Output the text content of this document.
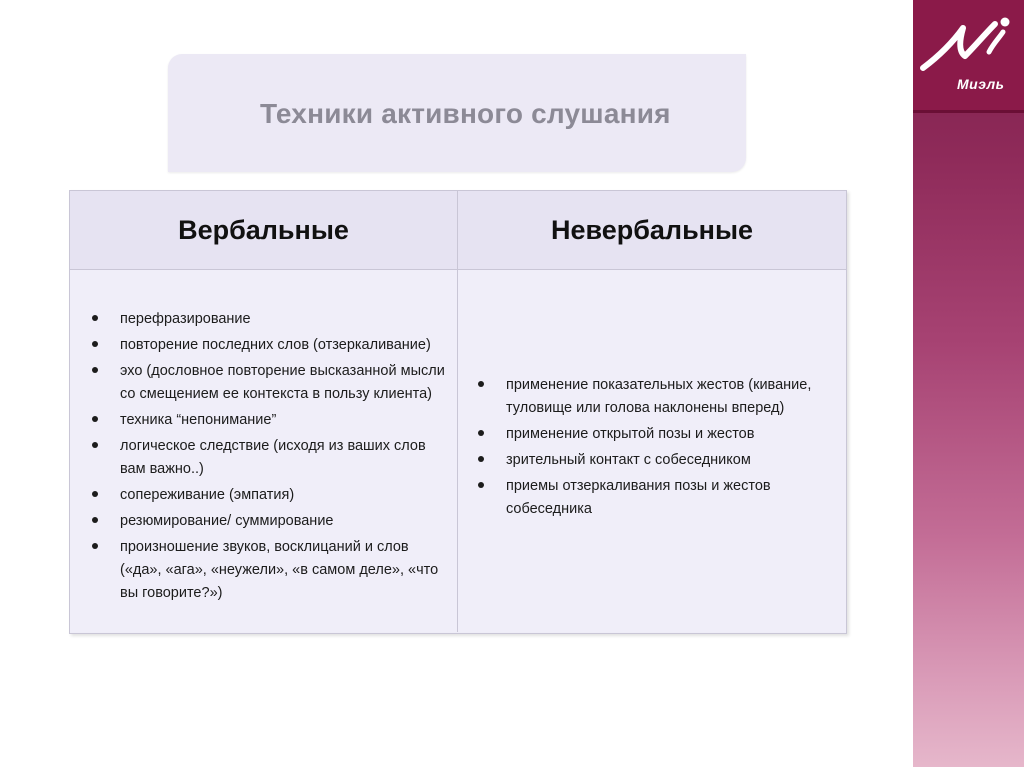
Техники активного слушания
Вербальные	Невербальные
перефразирование
повторение последних слов (отзеркаливание)
эхо (дословное повторение высказанной мысли со смещением ее контекста в пользу клиента)
техника “непонимание”
логическое следствие (исходя из ваших слов вам важно..)
сопереживание (эмпатия)
резюмирование/ суммирование
произношение звуков, восклицаний и слов («да», «ага», «неужели», «в самом деле», «что вы говорите?»)
применение показательных жестов (кивание, туловище или голова наклонены вперед)
применение открытой позы и жестов
зрительный контакт с собеседником
приемы отзеркаливания позы и жестов собеседника
Миэль
